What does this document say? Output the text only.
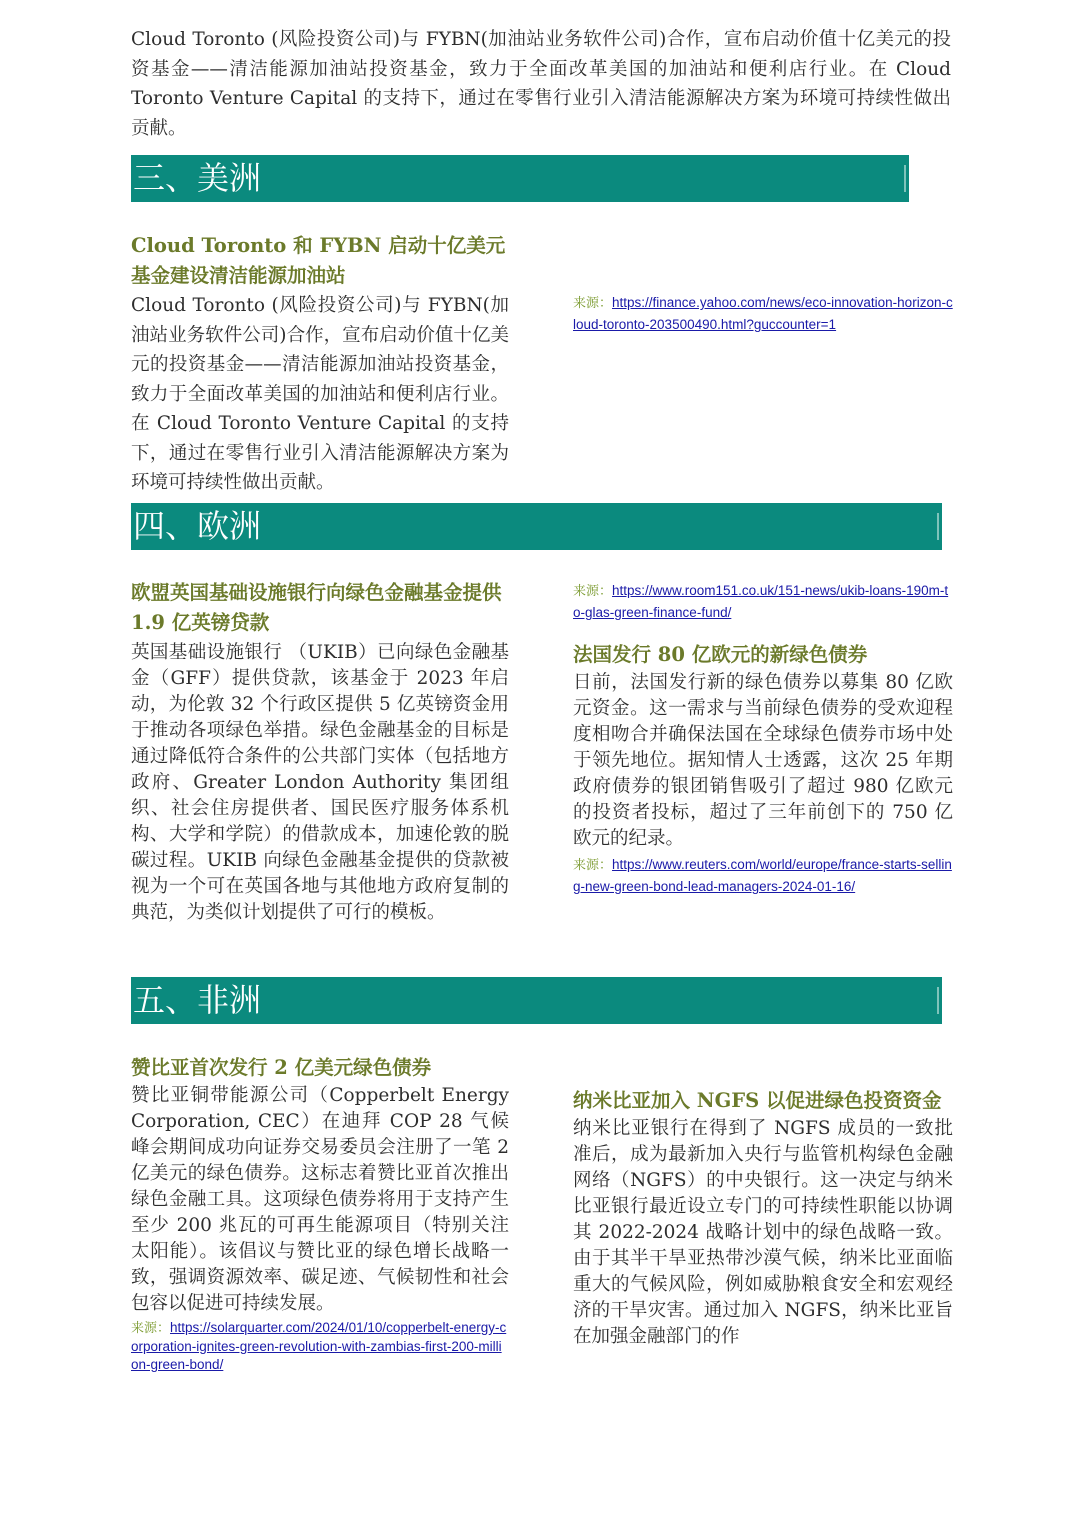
三、美洲

Cloud Toronto 和 FYBN 启动十亿美元基金建设清洁能源加油站

Cloud Toronto (风险投资公司)与 FYBN(加油站业务软件公司)合作，宣布启动价值十亿美元的投资基金——清洁能源加油站投资基金，致力于全面改革美国的加油站和便利店行业。在 Cloud Toronto Venture Capital 的支持下，通过在零售行业引入清洁能源解决方案为环境可持续性做出贡献。

Cloud Toronto (风险投资公司)与 FYBN(加油站业务软件公司)合作，宣布启动价值十亿美元的投资基金——清洁能源加油站投资基金，致力于全面改革美国的加油站和便利店行业。在 Cloud Toronto Venture Capital 的支持下，通过在零售行业引入清洁能源解决方案为环境可持续性做出贡献。

来源：https://finance.yahoo.com/news/eco-innovation-horizon-cloud-toronto-203500490.html?guccounter=1

四、欧洲

欧盟英国基础设施银行向绿色金融基金提供 1.9 亿英镑贷款

英国基础设施银行 （UKIB）已向绿色金融基金（GFF）提供贷款，该基金于 2023 年启动，为伦敦 32 个行政区提供 5 亿英镑资金用于推动各项绿色举措。绿色金融基金的目标是通过降低符合条件的公共部门实体（包括地方政府、Greater London Authority 集团组织、社会住房提供者、国民医疗服务体系机构、大学和学院）的借款成本，加速伦敦的脱碳过程。UKIB 向绿色金融基金提供的贷款被视为一个可在英国各地与其他地方政府复制的典范，为类似计划提供了可行的模板。

来源：https://www.room151.co.uk/151-news/ukib-loans-190m-to-glas-green-finance-fund/

法国发行 80 亿欧元的新绿色债券

日前，法国发行新的绿色债券以募集 80 亿欧元资金。这一需求与当前绿色债券的受欢迎程度相吻合并确保法国在全球绿色债券市场中处于领先地位。据知情人士透露，这次 25 年期政府债券的银团销售吸引了超过 980 亿欧元的投资者投标，超过了三年前创下的 750 亿欧元的纪录。

来源：https://www.reuters.com/world/europe/france-starts-selling-new-green-bond-lead-managers-2024-01-16/

五、非洲

赞比亚首次发行 2 亿美元绿色债券

赞比亚铜带能源公司（Copperbelt Energy Corporation, CEC）在迪拜 COP 28 气候峰会期间成功向证券交易委员会注册了一笔 2 亿美元的绿色债券。这标志着赞比亚首次推出绿色金融工具。这项绿色债券将用于支持产生至少 200 兆瓦的可再生能源项目（特别关注太阳能）。该倡议与赞比亚的绿色增长战略一致，强调资源效率、碳足迹、气候韧性和社会包容以促进可持续发展。

来源：https://solarquarter.com/2024/01/10/copperbelt-energy-corporation-ignites-green-revolution-with-zambias-first-200-million-green-bond/

纳米比亚加入 NGFS 以促进绿色投资资金

纳米比亚银行在得到了 NGFS 成员的一致批准后，成为最新加入央行与监管机构绿色金融网络（NGFS）的中央银行。这一决定与纳米比亚银行最近设立专门的可持续性职能以协调其 2022-2024 战略计划中的绿色战略一致。由于其半干旱亚热带沙漠气候，纳米比亚面临重大的气候风险，例如威胁粮食安全和宏观经济的干旱灾害。通过加入 NGFS，纳米比亚旨在加强金融部门的作
